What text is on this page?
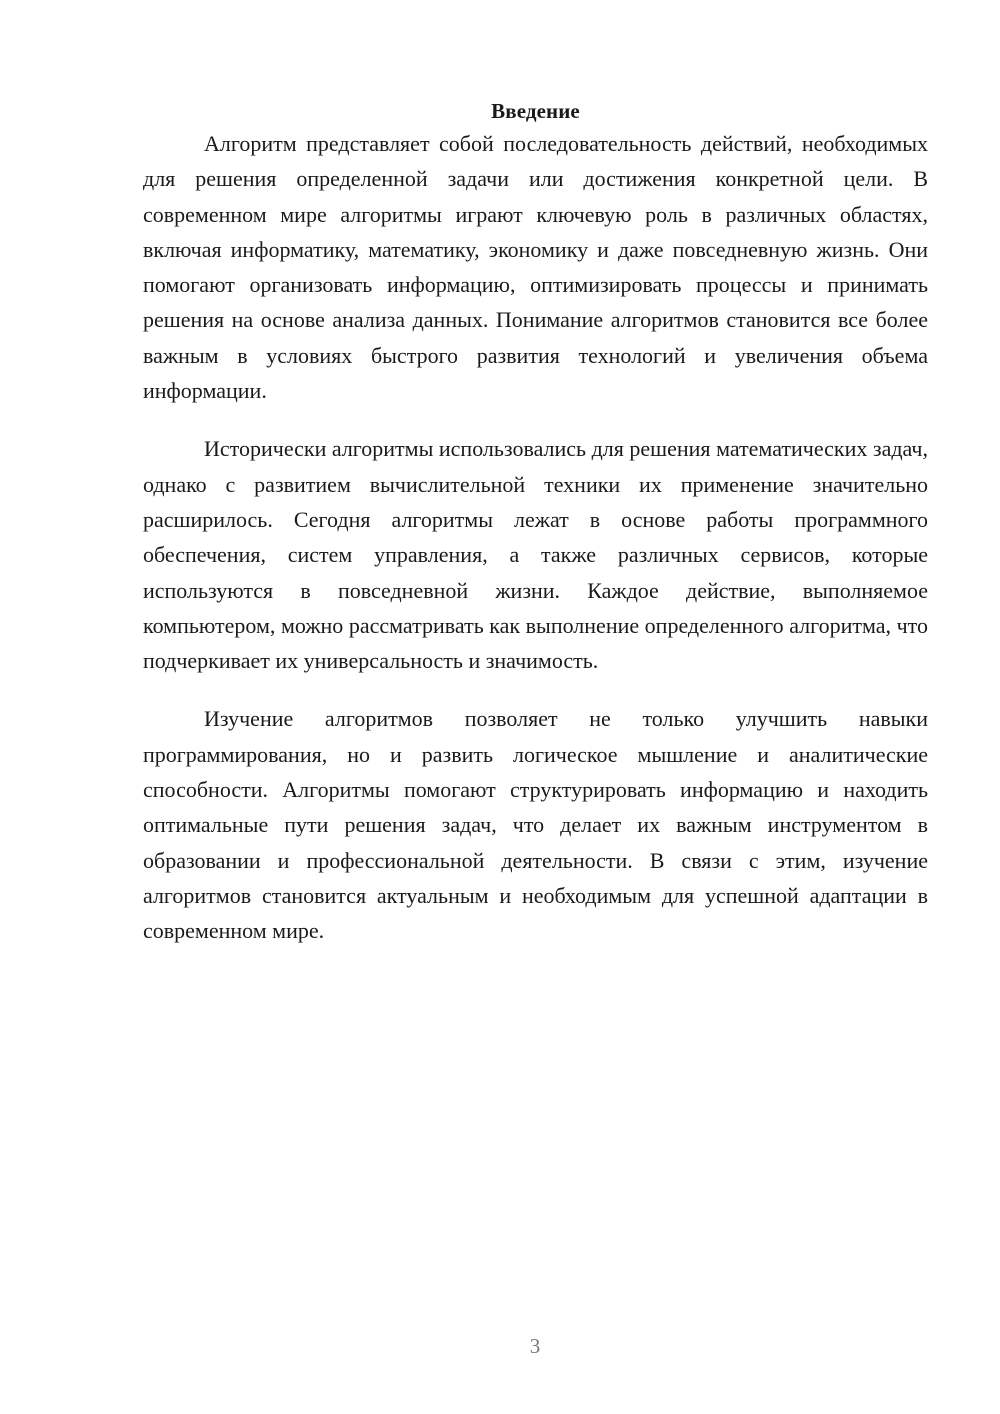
Введение

Алгоритм представляет собой последовательность действий, необходимых для решения определенной задачи или достижения конкретной цели. В современном мире алгоритмы играют ключевую роль в различных областях, включая информатику, математику, экономику и даже повседневную жизнь. Они помогают организовать информацию, оптимизировать процессы и принимать решения на основе анализа данных. Понимание алгоритмов становится все более важным в условиях быстрого развития технологий и увеличения объема информации.

Исторически алгоритмы использовались для решения математических задач, однако с развитием вычислительной техники их применение значительно расширилось. Сегодня алгоритмы лежат в основе работы программного обеспечения, систем управления, а также различных сервисов, которые используются в повседневной жизни. Каждое действие, выполняемое компьютером, можно рассматривать как выполнение определенного алгоритма, что подчеркивает их универсальность и значимость.

Изучение алгоритмов позволяет не только улучшить навыки программирования, но и развить логическое мышление и аналитические способности. Алгоритмы помогают структурировать информацию и находить оптимальные пути решения задач, что делает их важным инструментом в образовании и профессиональной деятельности. В связи с этим, изучение алгоритмов становится актуальным и необходимым для успешной адаптации в современном мире.

3
